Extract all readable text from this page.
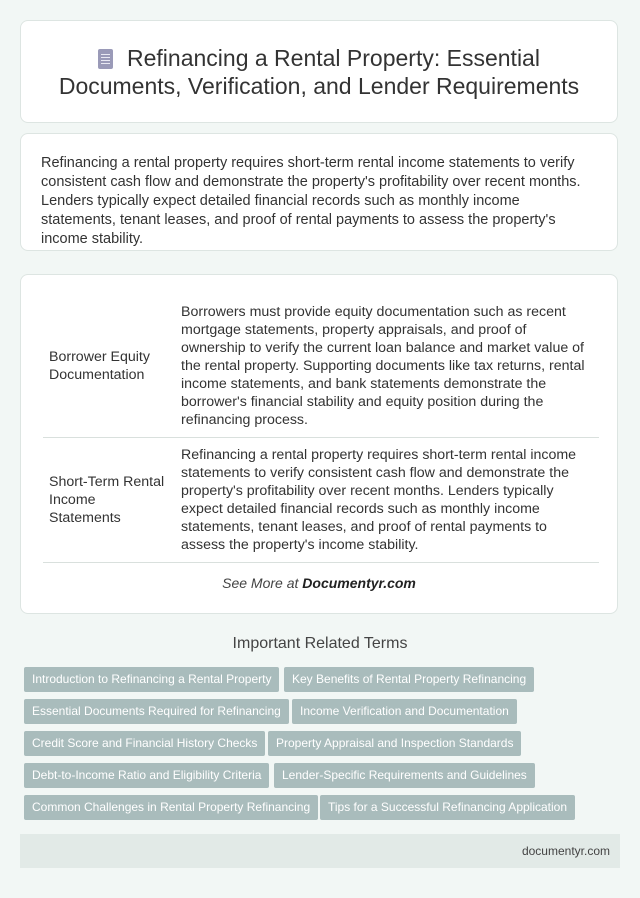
Refinancing a Rental Property: Essential Documents, Verification, and Lender Requirements

Refinancing a rental property requires short-term rental income statements to verify consistent cash flow and demonstrate the property's profitability over recent months. Lenders typically expect detailed financial records such as monthly income statements, tenant leases, and proof of rental payments to assess the property's income stability.

Borrower Equity Documentation	Borrowers must provide equity documentation such as recent mortgage statements, property appraisals, and proof of ownership to verify the current loan balance and market value of the rental property. Supporting documents like tax returns, rental income statements, and bank statements demonstrate the borrower's financial stability and equity position during the refinancing process.
Short-Term Rental Income Statements	Refinancing a rental property requires short-term rental income statements to verify consistent cash flow and demonstrate the property's profitability over recent months. Lenders typically expect detailed financial records such as monthly income statements, tenant leases, and proof of rental payments to assess the property's income stability.
See More at Documentyr.com
Important Related Terms
Introduction to Refinancing a Rental Property	Key Benefits of Rental Property Refinancing
Essential Documents Required for Refinancing	Income Verification and Documentation
Credit Score and Financial History Checks	Property Appraisal and Inspection Standards
Debt-to-Income Ratio and Eligibility Criteria	Lender-Specific Requirements and Guidelines
Common Challenges in Rental Property Refinancing	Tips for a Successful Refinancing Application
documentyr.com
